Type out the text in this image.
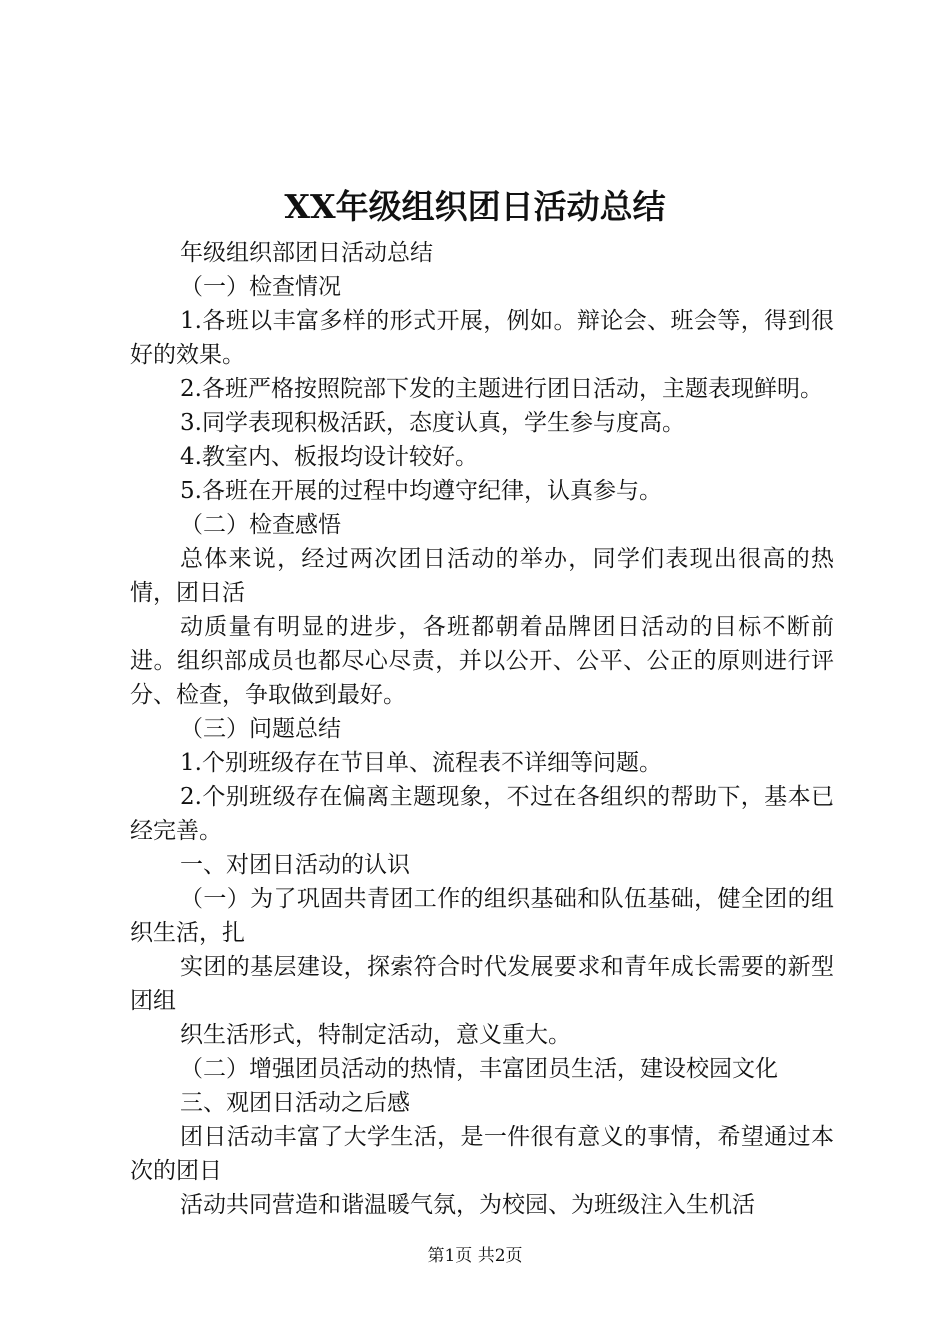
XX年级组织团日活动总结

年级组织部团日活动总结

（一）检查情况

1.各班以丰富多样的形式开展，例如。辩论会、班会等，得到很好的效果。

2.各班严格按照院部下发的主题进行团日活动，主题表现鲜明。

3.同学表现积极活跃，态度认真，学生参与度高。

4.教室内、板报均设计较好。

5.各班在开展的过程中均遵守纪律，认真参与。

（二）检查感悟

总体来说，经过两次团日活动的举办，同学们表现出很高的热情，团日活

动质量有明显的进步，各班都朝着品牌团日活动的目标不断前进。组织部成员也都尽心尽责，并以公开、公平、公正的原则进行评分、检查，争取做到最好。

（三）问题总结

1.个别班级存在节目单、流程表不详细等问题。

2.个别班级存在偏离主题现象，不过在各组织的帮助下，基本已经完善。

一、对团日活动的认识

（一）为了巩固共青团工作的组织基础和队伍基础，健全团的组织生活，扎

实团的基层建设，探索符合时代发展要求和青年成长需要的新型团组

织生活形式，特制定活动，意义重大。

（二）增强团员活动的热情，丰富团员生活，建设校园文化

三、观团日活动之后感

团日活动丰富了大学生活，是一件很有意义的事情，希望通过本次的团日

活动共同营造和谐温暖气氛，为校园、为班级注入生机活

第1页 共2页
